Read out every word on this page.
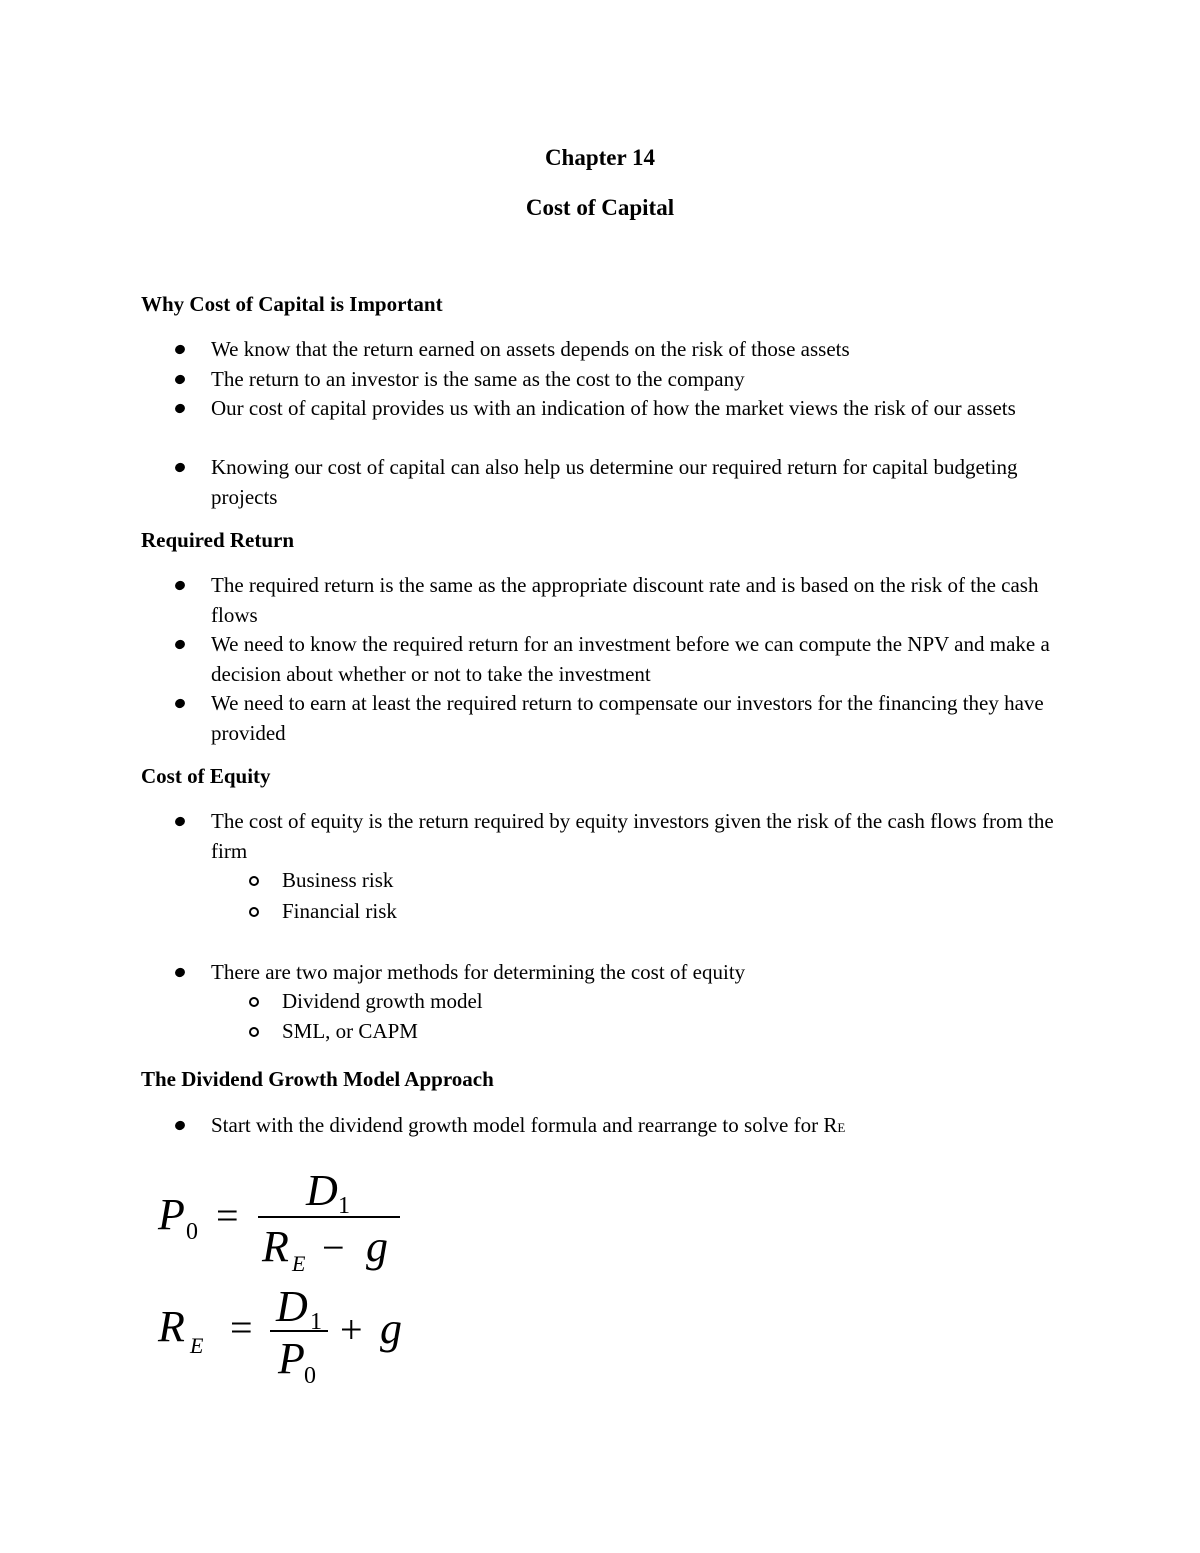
Chapter 14
Cost of Capital
Why Cost of Capital is Important
We know that the return earned on assets depends on the risk of those assets
The return to an investor is the same as the cost to the company
Our cost of capital provides us with an indication of how the market views the risk of our assets
Knowing our cost of capital can also help us determine our required return for capital budgeting projects
Required Return
The required return is the same as the appropriate discount rate and is based on the risk of the cash flows
We need to know the required return for an investment before we can compute the NPV and make a decision about whether or not to take the investment
We need to earn at least the required return to compensate our investors for the financing they have provided
Cost of Equity
The cost of equity is the return required by equity investors given the risk of the cash flows from the firm
Business risk
Financial risk
There are two major methods for determining the cost of equity
Dividend growth model
SML, or CAPM
The Dividend Growth Model Approach
Start with the dividend growth model formula and rearrange to solve for RE
P 0 =
D 1
R E − g
R E = D 1
P 0
+ g
